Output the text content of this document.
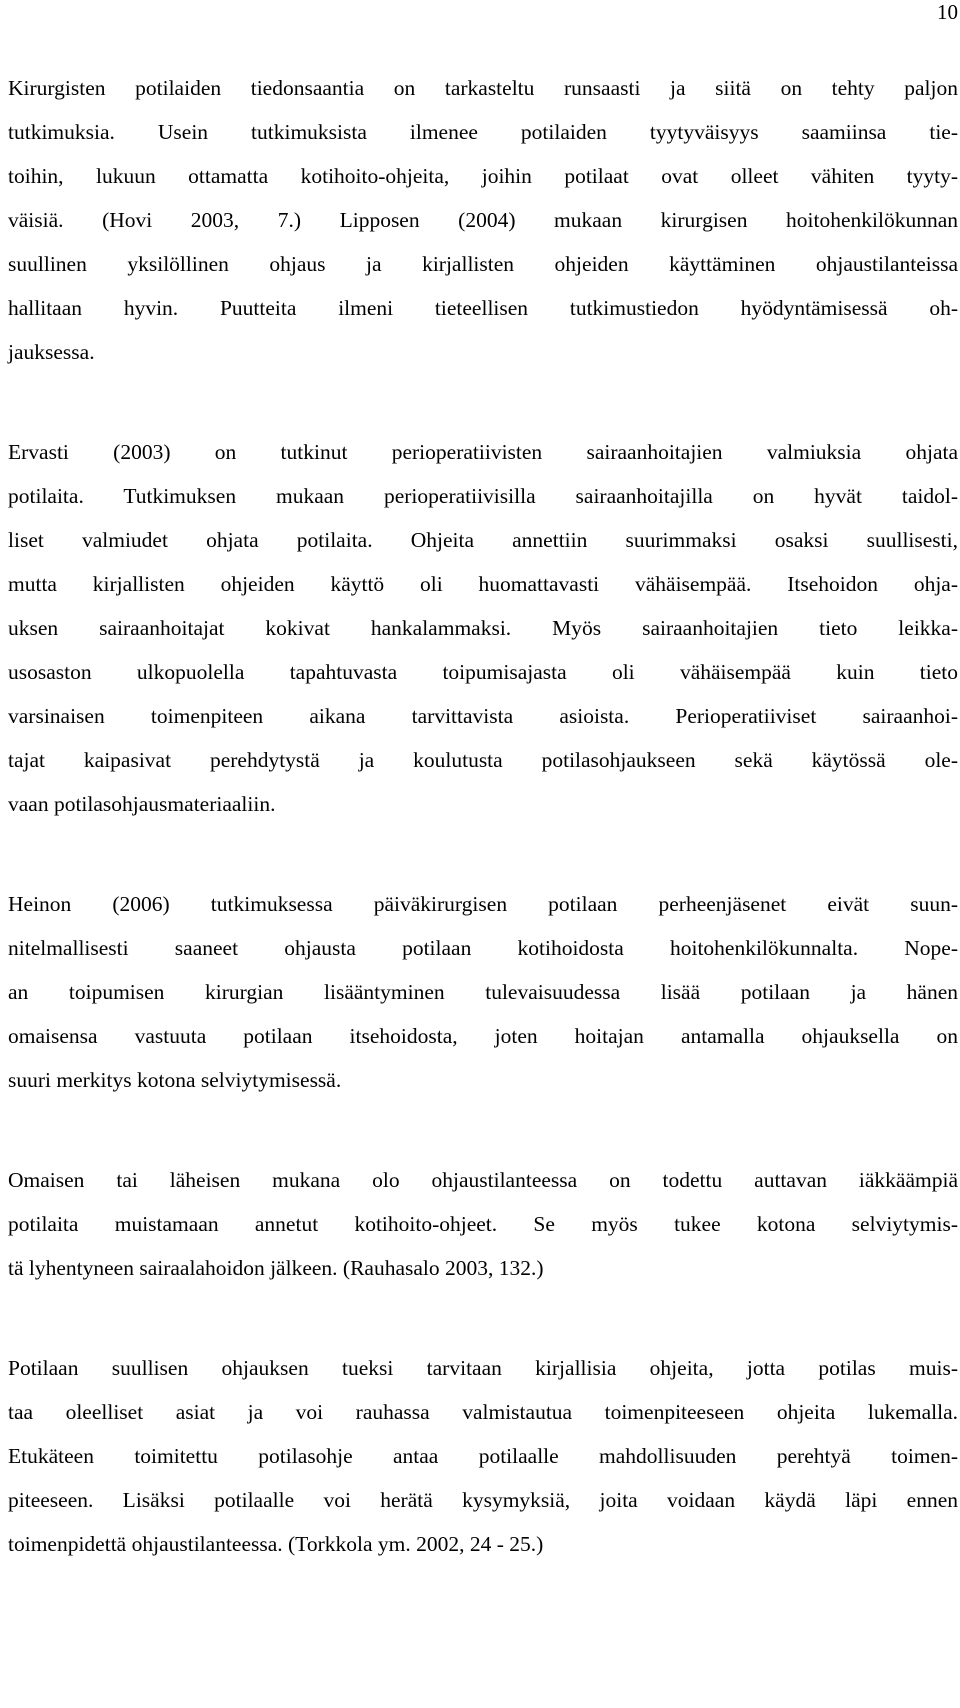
10
Kirurgisten potilaiden tiedonsaantia on tarkasteltu runsaasti ja siitä on tehty paljon
tutkimuksia. Usein tutkimuksista ilmenee potilaiden tyytyväisyys saamiinsa tie-
toihin, lukuun ottamatta kotihoito-ohjeita, joihin potilaat ovat olleet vähiten tyyty-
väisiä. (Hovi 2003, 7.) Lipposen (2004) mukaan kirurgisen hoitohenkilökunnan
suullinen yksilöllinen ohjaus ja kirjallisten ohjeiden käyttäminen ohjaustilanteissa
hallitaan hyvin. Puutteita ilmeni tieteellisen tutkimustiedon hyödyntämisessä oh-
jauksessa.
Ervasti (2003) on tutkinut perioperatiivisten sairaanhoitajien valmiuksia ohjata
potilaita. Tutkimuksen mukaan perioperatiivisilla sairaanhoitajilla on hyvät taidol-
liset valmiudet ohjata potilaita. Ohjeita annettiin suurimmaksi osaksi suullisesti,
mutta kirjallisten ohjeiden käyttö oli huomattavasti vähäisempää. Itsehoidon ohja-
uksen sairaanhoitajat kokivat hankalammaksi. Myös sairaanhoitajien tieto leikka-
usosaston ulkopuolella tapahtuvasta toipumisajasta oli vähäisempää kuin tieto
varsinaisen toimenpiteen aikana tarvittavista asioista. Perioperatiiviset sairaanhoi-
tajat kaipasivat perehdytystä ja koulutusta potilasohjaukseen sekä käytössä ole-
vaan potilasohjausmateriaaliin.
Heinon (2006) tutkimuksessa päiväkirurgisen potilaan perheenjäsenet eivät suun-
nitelmallisesti saaneet ohjausta potilaan kotihoidosta hoitohenkilökunnalta. Nope-
an toipumisen kirurgian lisääntyminen tulevaisuudessa lisää potilaan ja hänen
omaisensa vastuuta potilaan itsehoidosta, joten hoitajan antamalla ohjauksella on
suuri merkitys kotona selviytymisessä.
Omaisen tai läheisen mukana olo ohjaustilanteessa on todettu auttavan iäkkäämpiä
potilaita muistamaan annetut kotihoito-ohjeet. Se myös tukee kotona selviytymis-
tä lyhentyneen sairaalahoidon jälkeen. (Rauhasalo 2003, 132.)
Potilaan suullisen ohjauksen tueksi tarvitaan kirjallisia ohjeita, jotta potilas muis-
taa oleelliset asiat ja voi rauhassa valmistautua toimenpiteeseen ohjeita lukemalla.
Etukäteen toimitettu potilasohje antaa potilaalle mahdollisuuden perehtyä toimen-
piteeseen. Lisäksi potilaalle voi herätä kysymyksiä, joita voidaan käydä läpi ennen
toimenpidettä ohjaustilanteessa. (Torkkola ym. 2002, 24 - 25.)
